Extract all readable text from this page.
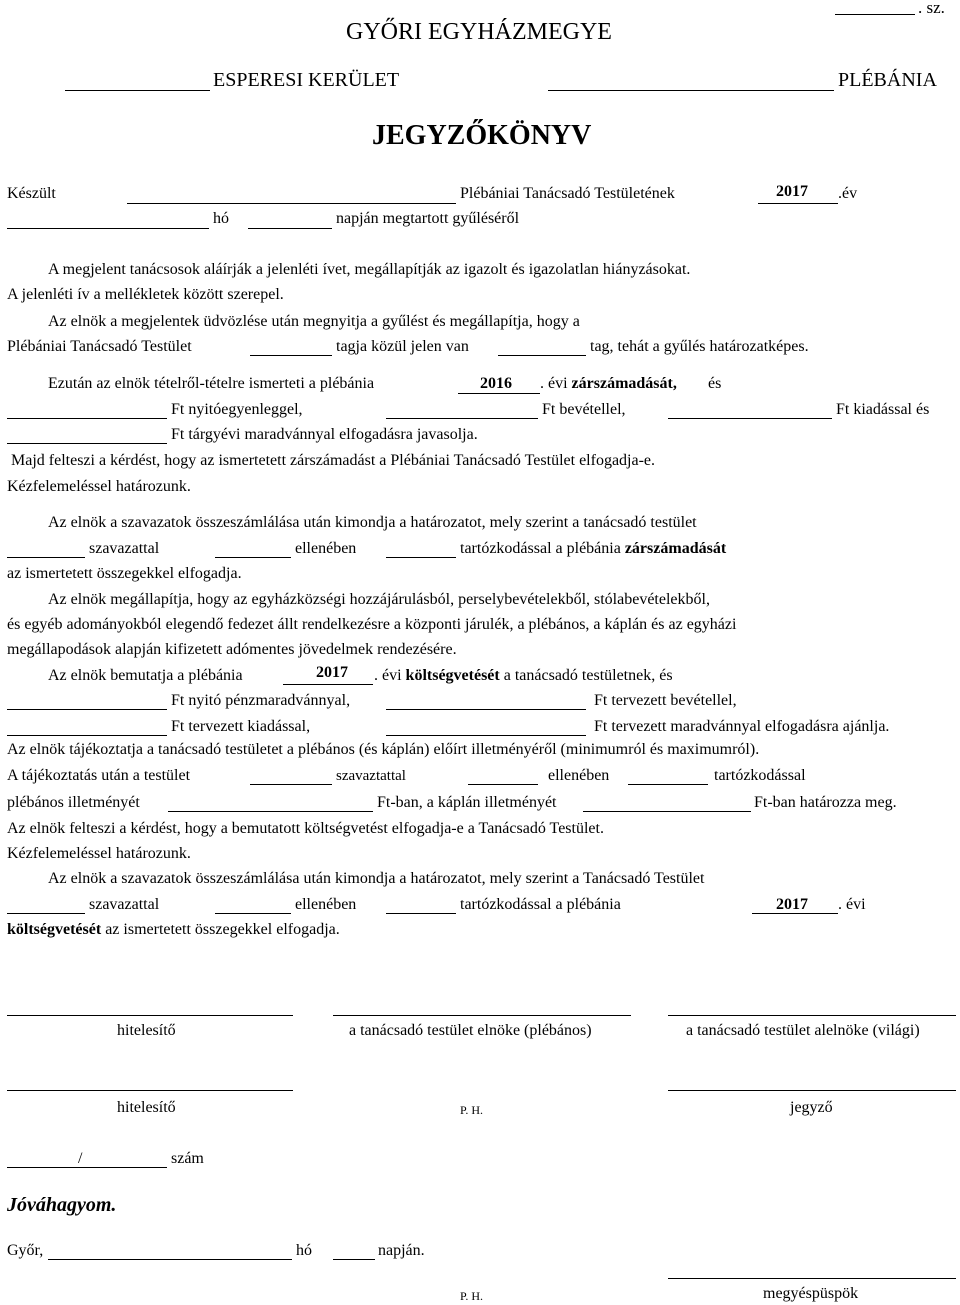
. sz.
GYŐRI EGYHÁZMEGYE
ESPERESI KERÜLET	PLÉBÁNIA
JEGYZŐKÖNYV
Készült	Plébániai Tanácsadó Testületének	2017 .év
hó	napján megtartott gyűléséről
A megjelent tanácsosok aláírják a jelenléti ívet, megállapítják az igazolt és igazolatlan hiányzásokat.
A jelenléti ív a mellékletek között szerepel.
Az elnök a megjelentek üdvözlése után megnyitja a gyűlést és megállapítja, hogy a
Plébániai Tanácsadó Testület	tagja közül jelen van	tag, tehát a gyűlés határozatképes.
Ezután az elnök tételről-tételre ismerteti a plébánia	2016 . évi zárszámadását, és
Ft nyitóegyenleggel,	Ft bevétellel,	Ft kiadással és
Ft tárgyévi maradvánnyal elfogadásra javasolja.
Majd felteszi a kérdést, hogy az ismertetett zárszámadást a Plébániai Tanácsadó Testület elfogadja-e.
Kézfelemeléssel határozunk.
Az elnök a szavazatok összeszámlálása után kimondja a határozatot, mely szerint a tanácsadó testület
szavazattal	ellenében	tartózkodással a plébánia zárszámadását
az ismertetett összegekkel elfogadja.
Az elnök megállapítja, hogy az egyházközségi hozzájárulásból, perselybevételekből, stólabevételekből,
és egyéb adományokból elegendő fedezet állt rendelkezésre a központi járulék, a plébános, a káplán és az egyházi
megállapodások alapján kifizetett adómentes jövedelmek rendezésére.
Az elnök bemutatja a plébánia	2017 . évi költségvetését a tanácsadó testületnek, és
Ft nyitó pénzmaradvánnyal,	Ft tervezett bevétellel,
Ft tervezett kiadással,	Ft tervezett maradvánnyal elfogadásra ajánlja.
Az elnök tájékoztatja a tanácsadó testületet a plébános (és káplán) előírt illetményéről (minimumról és maximumról).
A tájékoztatás után a testület	szavaztattal	ellenében	tartózkodással
plébános illetményét	Ft-ban, a káplán illetményét	Ft-ban határozza meg.
Az elnök felteszi a kérdést, hogy a bemutatott költségvetést elfogadja-e a Tanácsadó Testület.
Kézfelemeléssel határozunk.
Az elnök a szavazatok összeszámlálása után kimondja a határozatot, mely szerint a Tanácsadó Testület
szavazattal	ellenében	tartózkodással a plébánia	2017 . évi
költségvetését az ismertetett összegekkel elfogadja.
hitelesítő	a tanácsadó testület elnöke (plébános)	a tanácsadó testület alelnöke (világi)
hitelesítő	P. H.	jegyző
/	szám
Jóváhagyom.
Győr,	hó	napján.
P. H.	megyéspüspök
